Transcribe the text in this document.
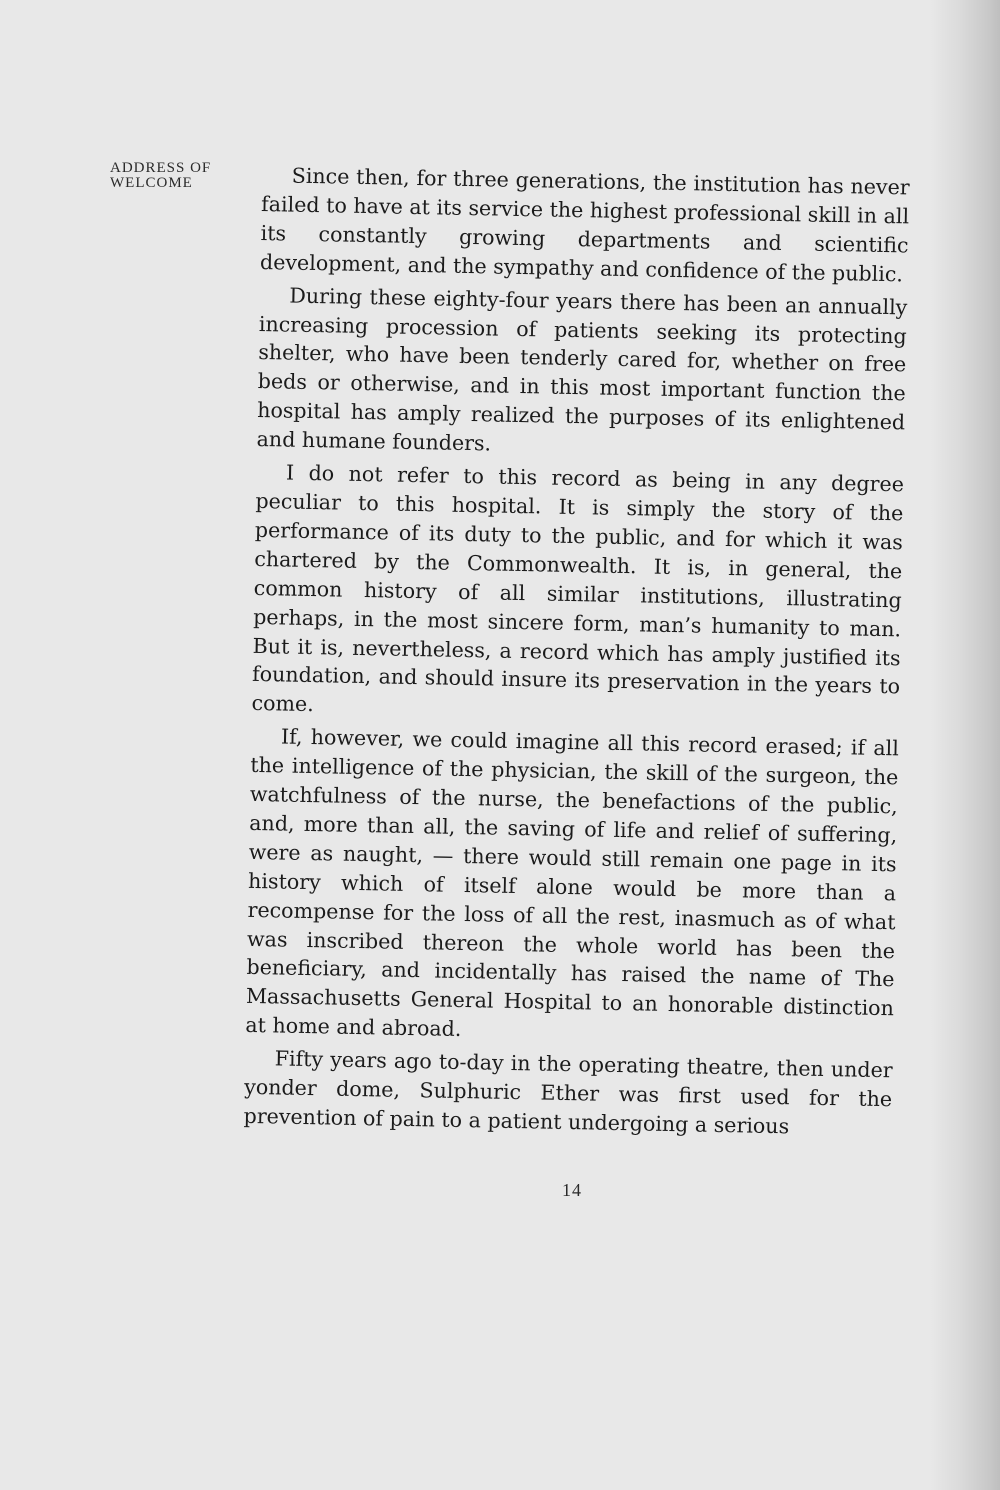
ADDRESS OF
WELCOME	Since then, for three generations, the institution has never failed to have at its service the highest professional skill in all its constantly growing departments and scientific development, and the sympathy and confidence of the public.

During these eighty-four years there has been an annually increasing procession of patients seeking its protecting shelter, who have been tenderly cared for, whether on free beds or otherwise, and in this most important function the hospital has amply realized the purposes of its enlightened and humane founders.

I do not refer to this record as being in any degree peculiar to this hospital. It is simply the story of the performance of its duty to the public, and for which it was chartered by the Commonwealth. It is, in general, the common history of all similar institutions, illustrating perhaps, in the most sincere form, man’s humanity to man. But it is, nevertheless, a record which has amply justified its foundation, and should insure its preservation in the years to come.

If, however, we could imagine all this record erased; if all the intelligence of the physician, the skill of the surgeon, the watchfulness of the nurse, the benefactions of the public, and, more than all, the saving of life and relief of suffering, were as naught, — there would still remain one page in its history which of itself alone would be more than a recompense for the loss of all the rest, inasmuch as of what was inscribed thereon the whole world has been the beneficiary, and incidentally has raised the name of The Massachusetts General Hospital to an honorable distinction at home and abroad.

Fifty years ago to-day in the operating theatre, then under yonder dome, Sulphuric Ether was first used for the prevention of pain to a patient undergoing a serious

14
